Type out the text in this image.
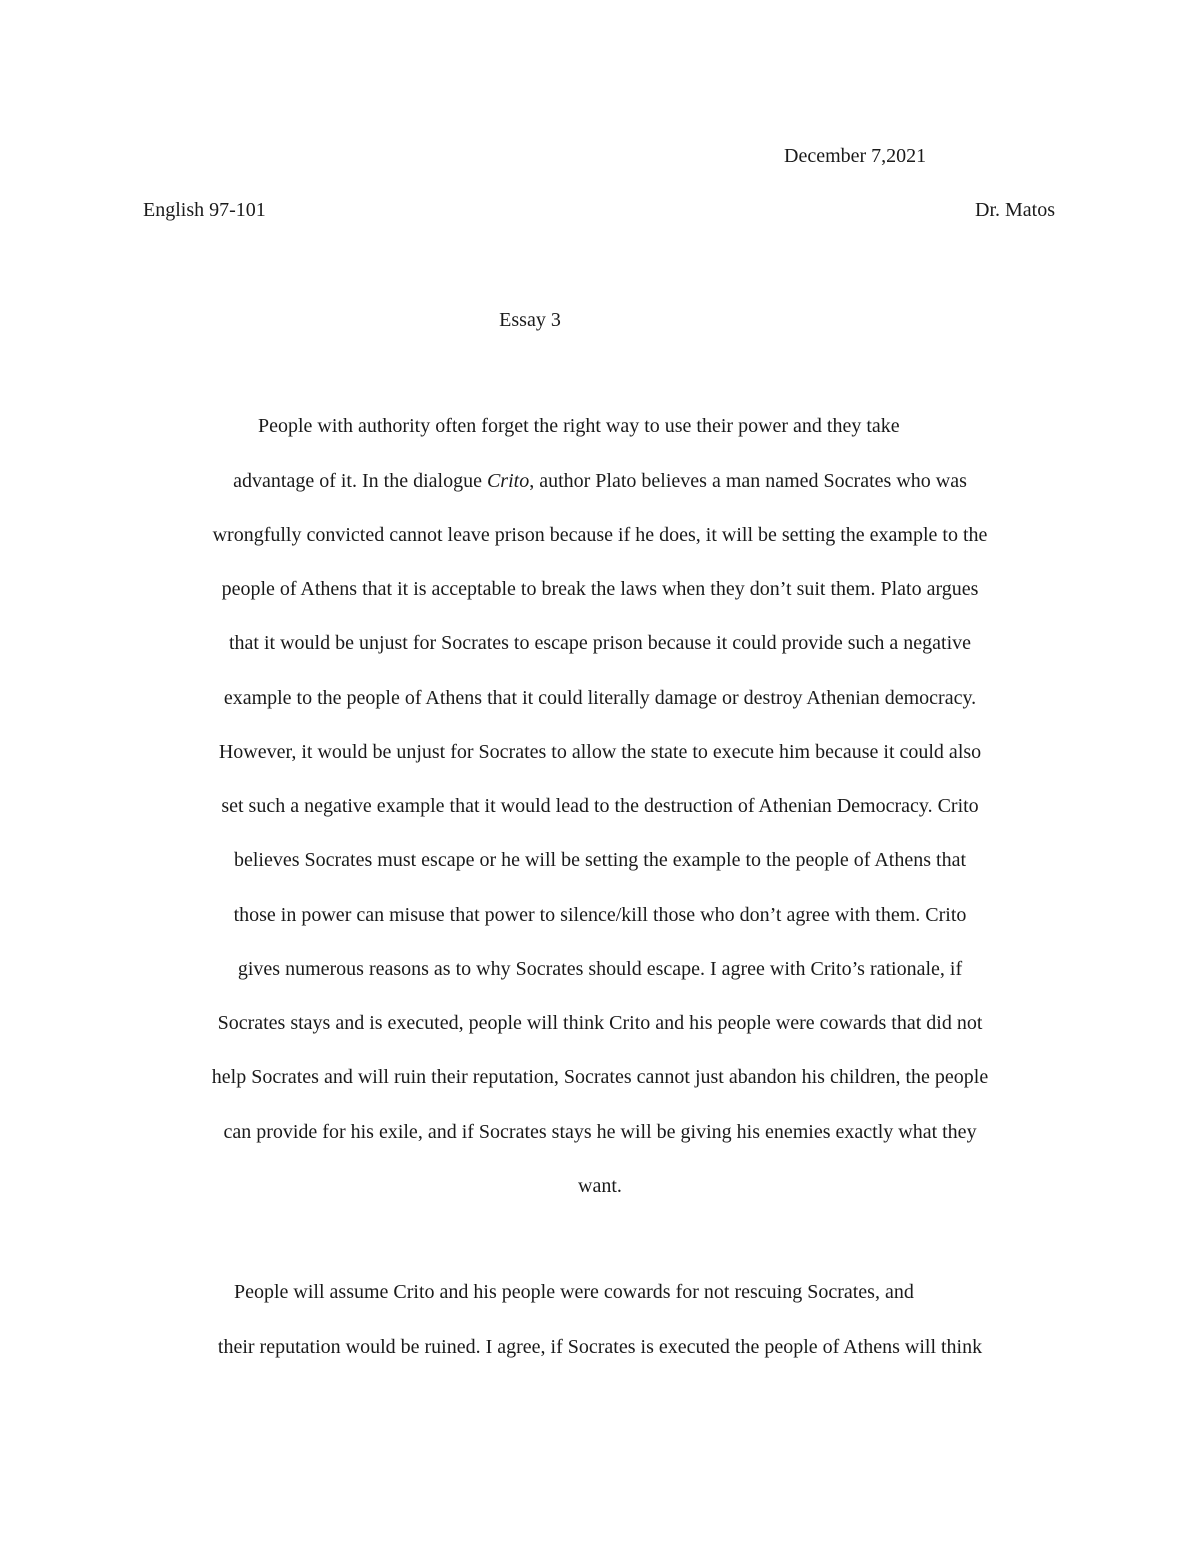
December 7,2021
English 97-101	Dr. Matos
Essay 3
People with authority often forget the right way to use their power and they take
advantage of it. In the dialogue Crito, author Plato believes a man named Socrates who was
wrongfully convicted cannot leave prison because if he does, it will be setting the example to the
people of Athens that it is acceptable to break the laws when they don’t suit them. Plato argues
that it would be unjust for Socrates to escape prison because it could provide such a negative
example to the people of Athens that it could literally damage or destroy Athenian democracy.
However, it would be unjust for Socrates to allow the state to execute him because it could also
set such a negative example that it would lead to the destruction of Athenian Democracy. Crito
believes Socrates must escape or he will be setting the example to the people of Athens that
those in power can misuse that power to silence/kill those who don’t agree with them. Crito
gives numerous reasons as to why Socrates should escape. I agree with Crito’s rationale, if
Socrates stays and is executed, people will think Crito and his people were cowards that did not
help Socrates and will ruin their reputation, Socrates cannot just abandon his children, the people
can provide for his exile, and if Socrates stays he will be giving his enemies exactly what they
want.
People will assume Crito and his people were cowards for not rescuing Socrates, and
their reputation would be ruined. I agree, if Socrates is executed the people of Athens will think
